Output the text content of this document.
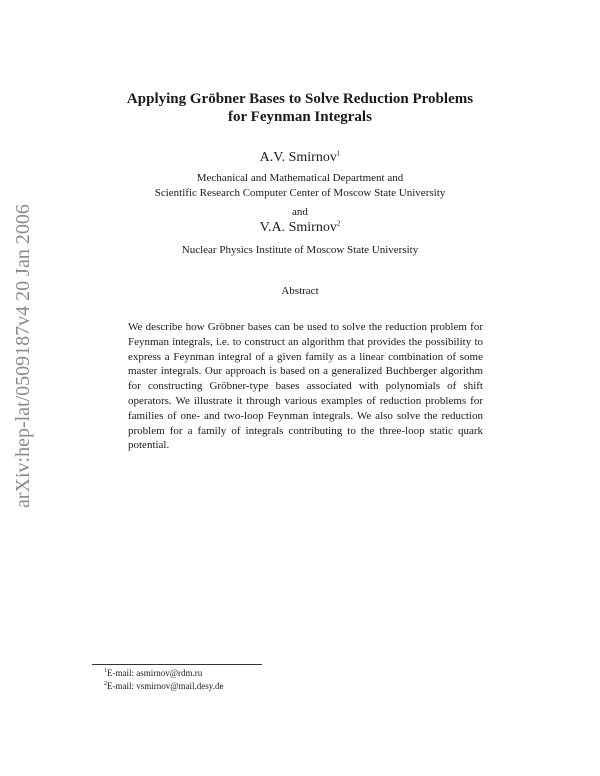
arXiv:hep-lat/0509187v4 20 Jan 2006
Applying Gröbner Bases to Solve Reduction Problems
for Feynman Integrals
A.V. Smirnov$^1$
Mechanical and Mathematical Department and
Scientific Research Computer Center of Moscow State University
and
V.A. Smirnov$^2$
Nuclear Physics Institute of Moscow State University
Abstract
We describe how Gröbner bases can be used to solve the reduction problem for Feynman integrals, i.e. to construct an algorithm that provides the possibility to express a Feynman integral of a given family as a linear combination of some master integrals. Our approach is based on a generalized Buchberger algorithm for constructing Gröbner-type bases associated with polynomials of shift operators. We illustrate it through various examples of reduction problems for families of one- and two-loop Feynman integrals. We also solve the reduction problem for a family of integrals contributing to the three-loop static quark potential.
$^1$E-mail: asmirnov@rdm.ru
$^2$E-mail: vsmirnov@mail.desy.de
